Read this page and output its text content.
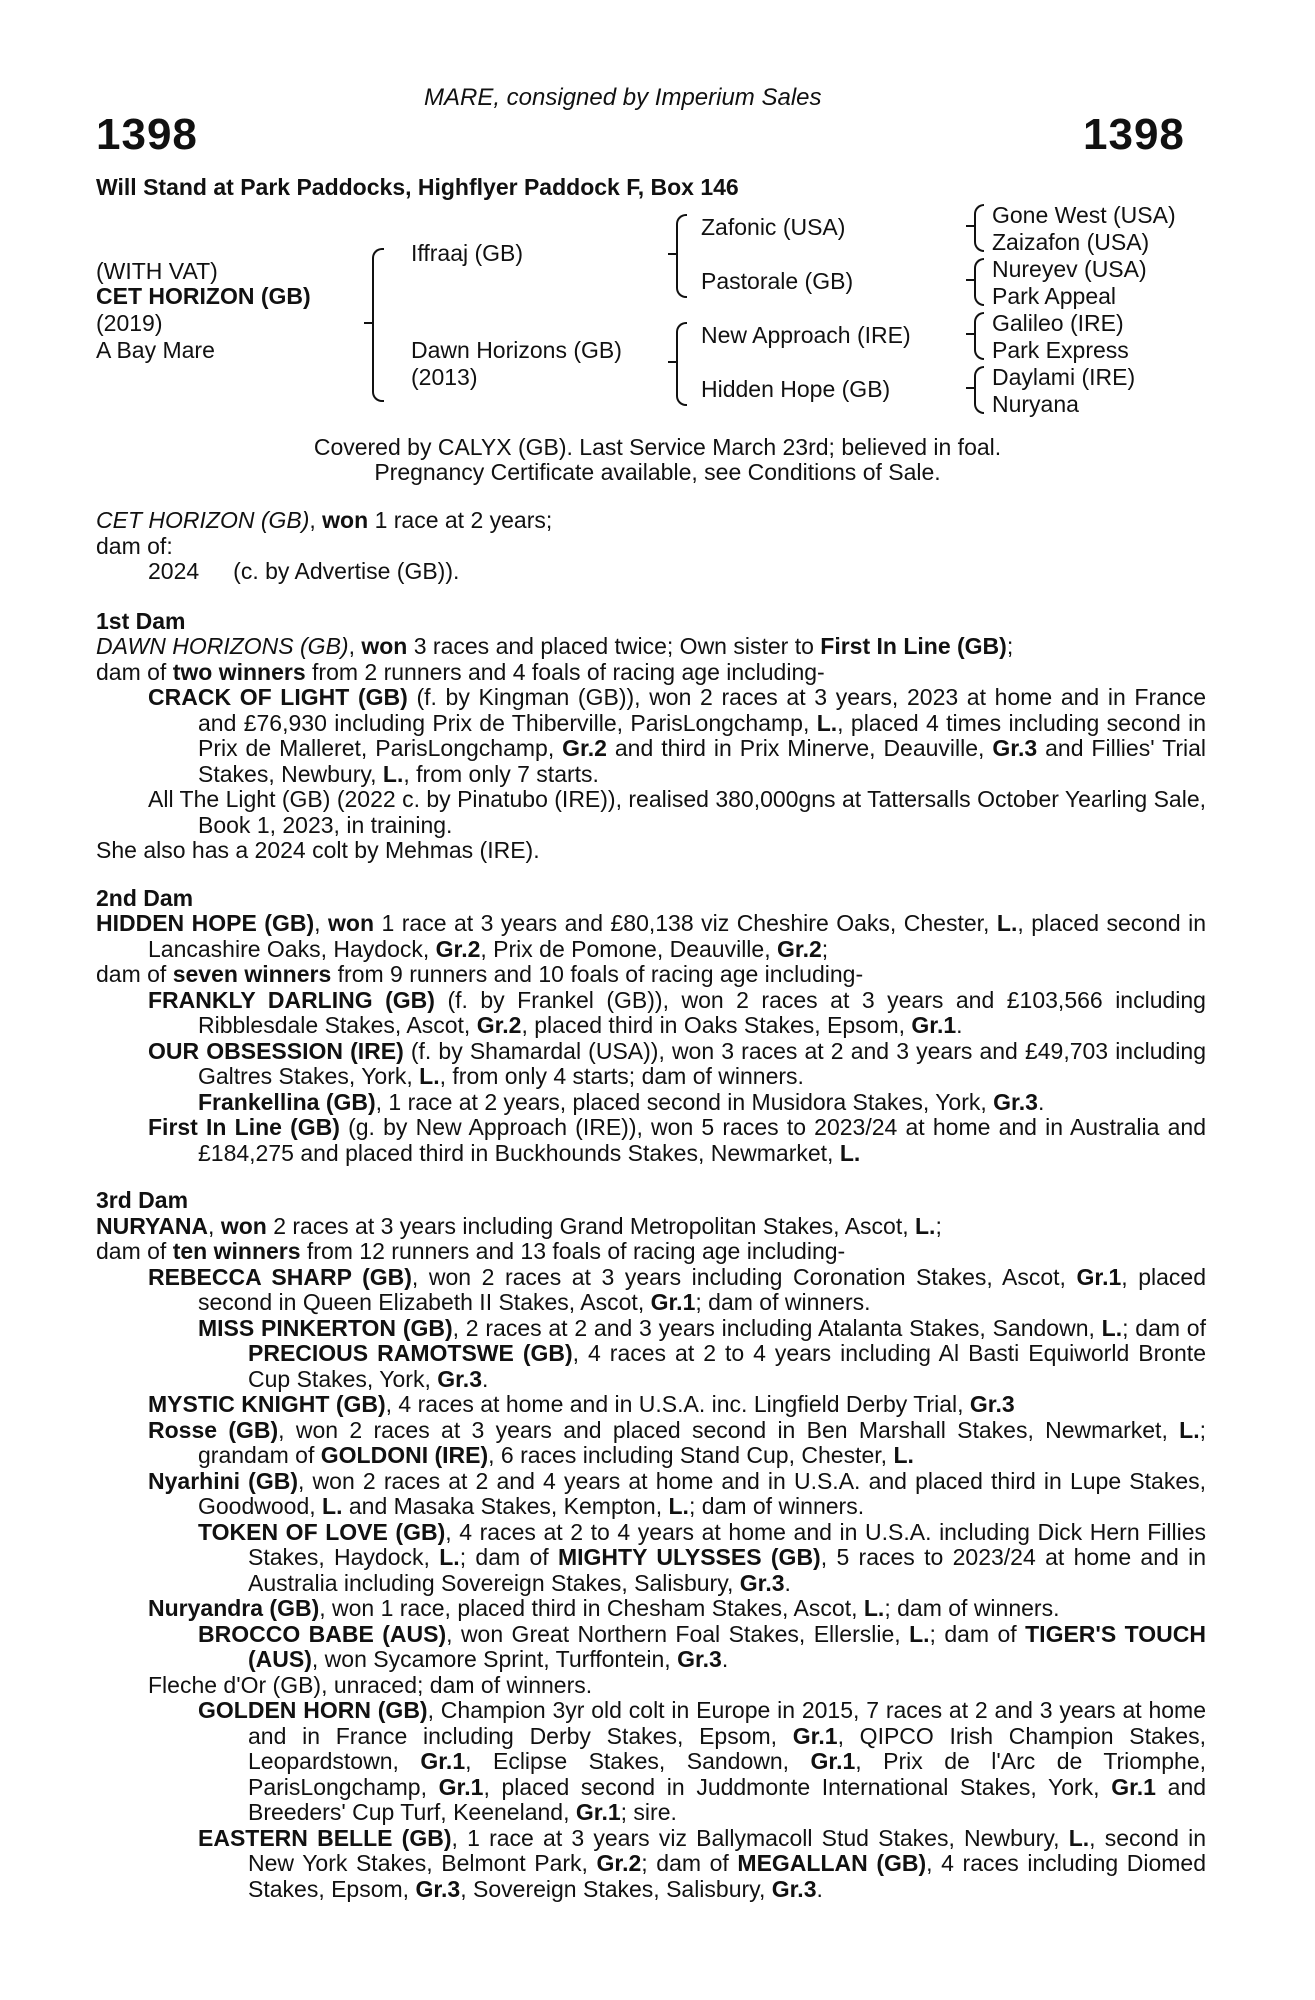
MARE, consigned by Imperium Sales
1398	1398
Will Stand at Park Paddocks, Highflyer Paddock F, Box 146
(WITH VAT)
CET HORIZON (GB)
(2019)
A Bay Mare
Iffraaj (GB)
Dawn Horizons (GB)
(2013)
Zafonic (USA)
Pastorale (GB)
New Approach (IRE)
Hidden Hope (GB)
Gone West (USA)
Zaizafon (USA)
Nureyev (USA)
Park Appeal
Galileo (IRE)
Park Express
Daylami (IRE)
Nuryana
Covered by CALYX (GB). Last Service March 23rd; believed in foal.
Pregnancy Certificate available, see Conditions of Sale.

CET HORIZON (GB), won 1 race at 2 years;

dam of:

2024 (c. by Advertise (GB)).

1st Dam

DAWN HORIZONS (GB), won 3 races and placed twice; Own sister to First In Line (GB);

dam of two winners from 2 runners and 4 foals of racing age including-

CRACK OF LIGHT (GB) (f. by Kingman (GB)), won 2 races at 3 years, 2023 at home and in France and £76,930 including Prix de Thiberville, ParisLongchamp, L., placed 4 times including second in Prix de Malleret, ParisLongchamp, Gr.2 and third in Prix Minerve, Deauville, Gr.3 and Fillies' Trial Stakes, Newbury, L., from only 7 starts.

All The Light (GB) (2022 c. by Pinatubo (IRE)), realised 380,000gns at Tattersalls October Yearling Sale, Book 1, 2023, in training.

She also has a 2024 colt by Mehmas (IRE).

2nd Dam

HIDDEN HOPE (GB), won 1 race at 3 years and £80,138 viz Cheshire Oaks, Chester, L., placed second in Lancashire Oaks, Haydock, Gr.2, Prix de Pomone, Deauville, Gr.2;

dam of seven winners from 9 runners and 10 foals of racing age including-

FRANKLY DARLING (GB) (f. by Frankel (GB)), won 2 races at 3 years and £103,566 including Ribblesdale Stakes, Ascot, Gr.2, placed third in Oaks Stakes, Epsom, Gr.1.

OUR OBSESSION (IRE) (f. by Shamardal (USA)), won 3 races at 2 and 3 years and £49,703 including Galtres Stakes, York, L., from only 4 starts; dam of winners.

Frankellina (GB), 1 race at 2 years, placed second in Musidora Stakes, York, Gr.3.

First In Line (GB) (g. by New Approach (IRE)), won 5 races to 2023/24 at home and in Australia and £184,275 and placed third in Buckhounds Stakes, Newmarket, L.

3rd Dam

NURYANA, won 2 races at 3 years including Grand Metropolitan Stakes, Ascot, L.;

dam of ten winners from 12 runners and 13 foals of racing age including-

REBECCA SHARP (GB), won 2 races at 3 years including Coronation Stakes, Ascot, Gr.1, placed second in Queen Elizabeth II Stakes, Ascot, Gr.1; dam of winners.

MISS PINKERTON (GB), 2 races at 2 and 3 years including Atalanta Stakes, Sandown, L.; dam of PRECIOUS RAMOTSWE (GB), 4 races at 2 to 4 years including Al Basti Equiworld Bronte Cup Stakes, York, Gr.3.

MYSTIC KNIGHT (GB), 4 races at home and in U.S.A. inc. Lingfield Derby Trial, Gr.3

Rosse (GB), won 2 races at 3 years and placed second in Ben Marshall Stakes, Newmarket, L.; grandam of GOLDONI (IRE), 6 races including Stand Cup, Chester, L.

Nyarhini (GB), won 2 races at 2 and 4 years at home and in U.S.A. and placed third in Lupe Stakes, Goodwood, L. and Masaka Stakes, Kempton, L.; dam of winners.

TOKEN OF LOVE (GB), 4 races at 2 to 4 years at home and in U.S.A. including Dick Hern Fillies Stakes, Haydock, L.; dam of MIGHTY ULYSSES (GB), 5 races to 2023/24 at home and in Australia including Sovereign Stakes, Salisbury, Gr.3.

Nuryandra (GB), won 1 race, placed third in Chesham Stakes, Ascot, L.; dam of winners.

BROCCO BABE (AUS), won Great Northern Foal Stakes, Ellerslie, L.; dam of TIGER'S TOUCH (AUS), won Sycamore Sprint, Turffontein, Gr.3.

Fleche d'Or (GB), unraced; dam of winners.

GOLDEN HORN (GB), Champion 3yr old colt in Europe in 2015, 7 races at 2 and 3 years at home and in France including Derby Stakes, Epsom, Gr.1, QIPCO Irish Champion Stakes, Leopardstown, Gr.1, Eclipse Stakes, Sandown, Gr.1, Prix de l'Arc de Triomphe, ParisLongchamp, Gr.1, placed second in Juddmonte International Stakes, York, Gr.1 and Breeders' Cup Turf, Keeneland, Gr.1; sire.

EASTERN BELLE (GB), 1 race at 3 years viz Ballymacoll Stud Stakes, Newbury, L., second in New York Stakes, Belmont Park, Gr.2; dam of MEGALLAN (GB), 4 races including Diomed Stakes, Epsom, Gr.3, Sovereign Stakes, Salisbury, Gr.3.
